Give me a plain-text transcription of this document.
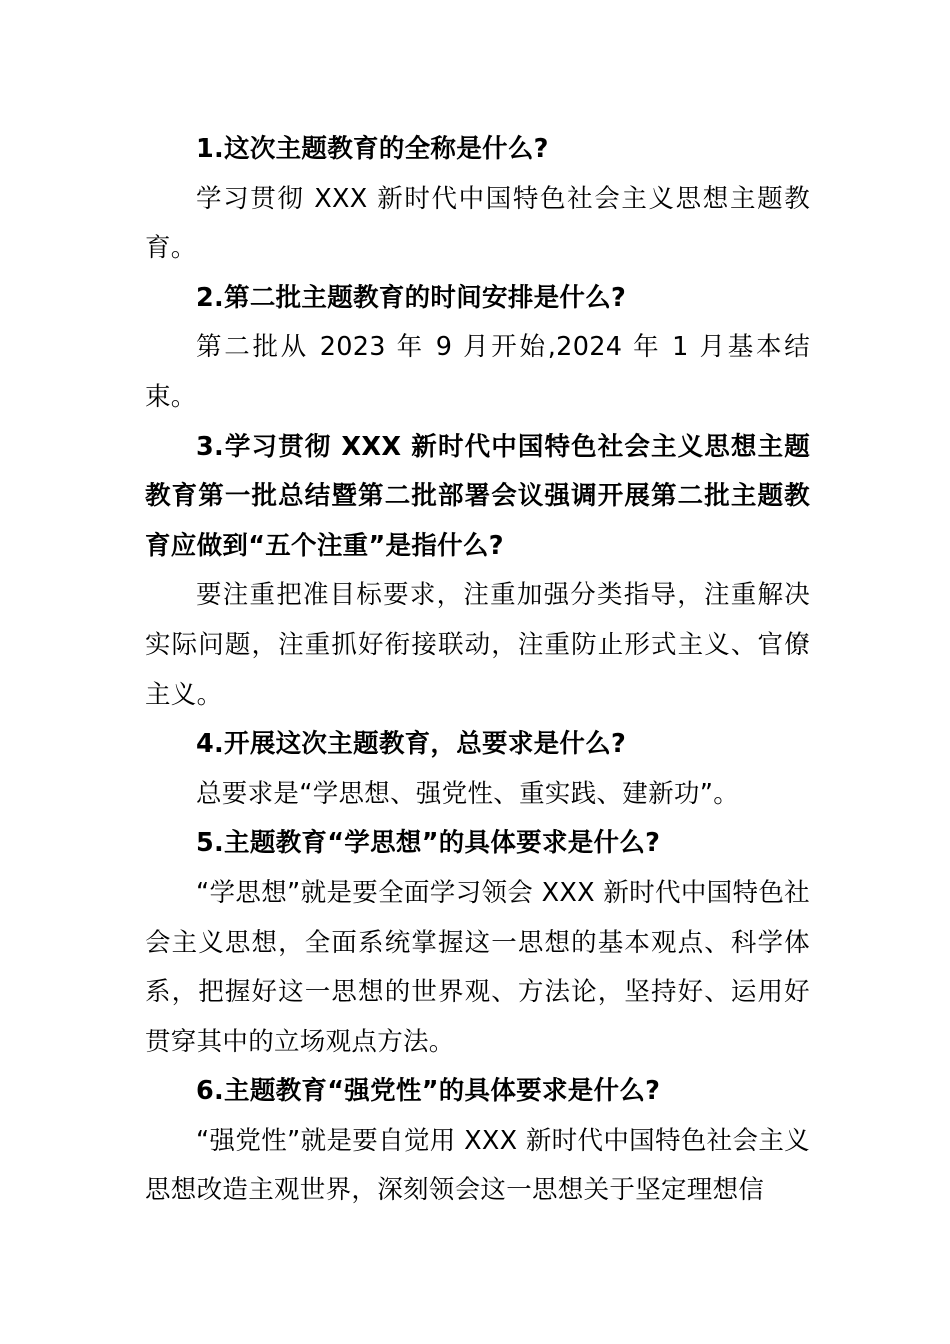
1.这次主题教育的全称是什么?

学习贯彻 XXX 新时代中国特色社会主义思想主题教育。

2.第二批主题教育的时间安排是什么?

第二批从 2023 年 9 月开始,2024 年 1 月基本结束。

3.学习贯彻 XXX 新时代中国特色社会主义思想主题教育第一批总结暨第二批部署会议强调开展第二批主题教育应做到“五个注重”是指什么?

要注重把准目标要求，注重加强分类指导，注重解决实际问题，注重抓好衔接联动，注重防止形式主义、官僚主义。

4.开展这次主题教育，总要求是什么?

总要求是“学思想、强党性、重实践、建新功”。

5.主题教育“学思想”的具体要求是什么?

“学思想”就是要全面学习领会 XXX 新时代中国特色社会主义思想，全面系统掌握这一思想的基本观点、科学体系，把握好这一思想的世界观、方法论，坚持好、运用好贯穿其中的立场观点方法。

6.主题教育“强党性”的具体要求是什么?

“强党性”就是要自觉用 XXX 新时代中国特色社会主义思想改造主观世界，深刻领会这一思想关于坚定理想信
